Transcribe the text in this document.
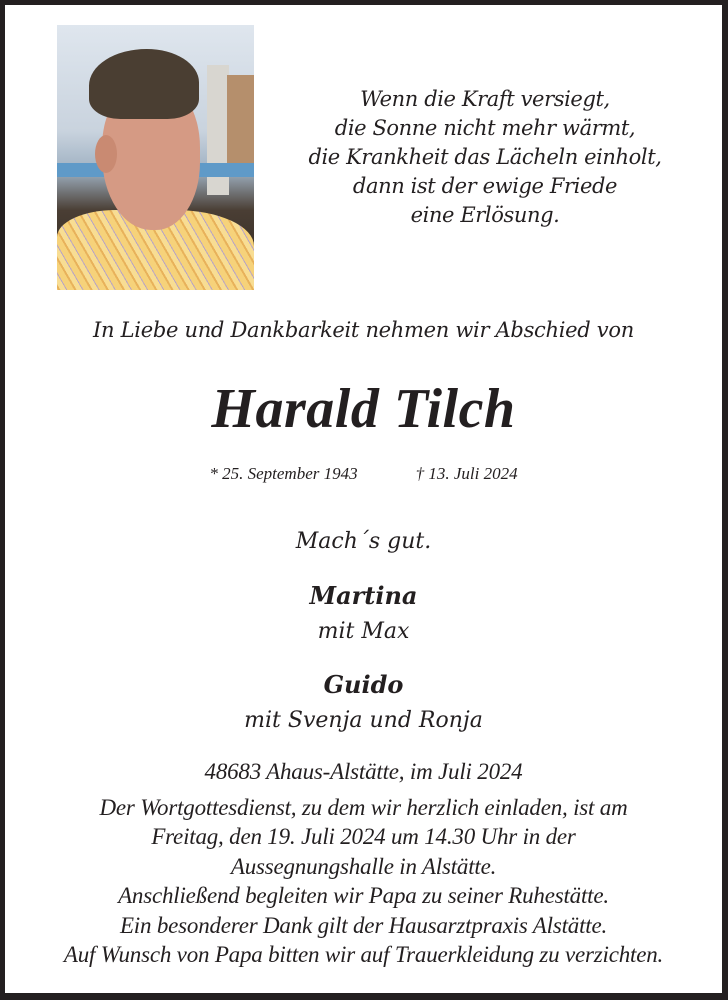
Wenn die Kraft versiegt,
die Sonne nicht mehr wärmt,
die Krankheit das Lächeln einholt,
dann ist der ewige Friede
eine Erlösung.
In Liebe und Dankbarkeit nehmen wir Abschied von
Harald Tilch
* 25. September 1943	† 13. Juli 2024
Mach´s gut.
Martina
mit Max
Guido
mit Svenja und Ronja
48683 Ahaus-Alstätte, im Juli 2024
Der Wortgottesdienst, zu dem wir herzlich einladen, ist am
Freitag, den 19. Juli 2024 um 14.30 Uhr in der
Aussegnungshalle in Alstätte.
Anschließend begleiten wir Papa zu seiner Ruhestätte.
Ein besonderer Dank gilt der Hausarztpraxis Alstätte.
Auf Wunsch von Papa bitten wir auf Trauerkleidung zu verzichten.
